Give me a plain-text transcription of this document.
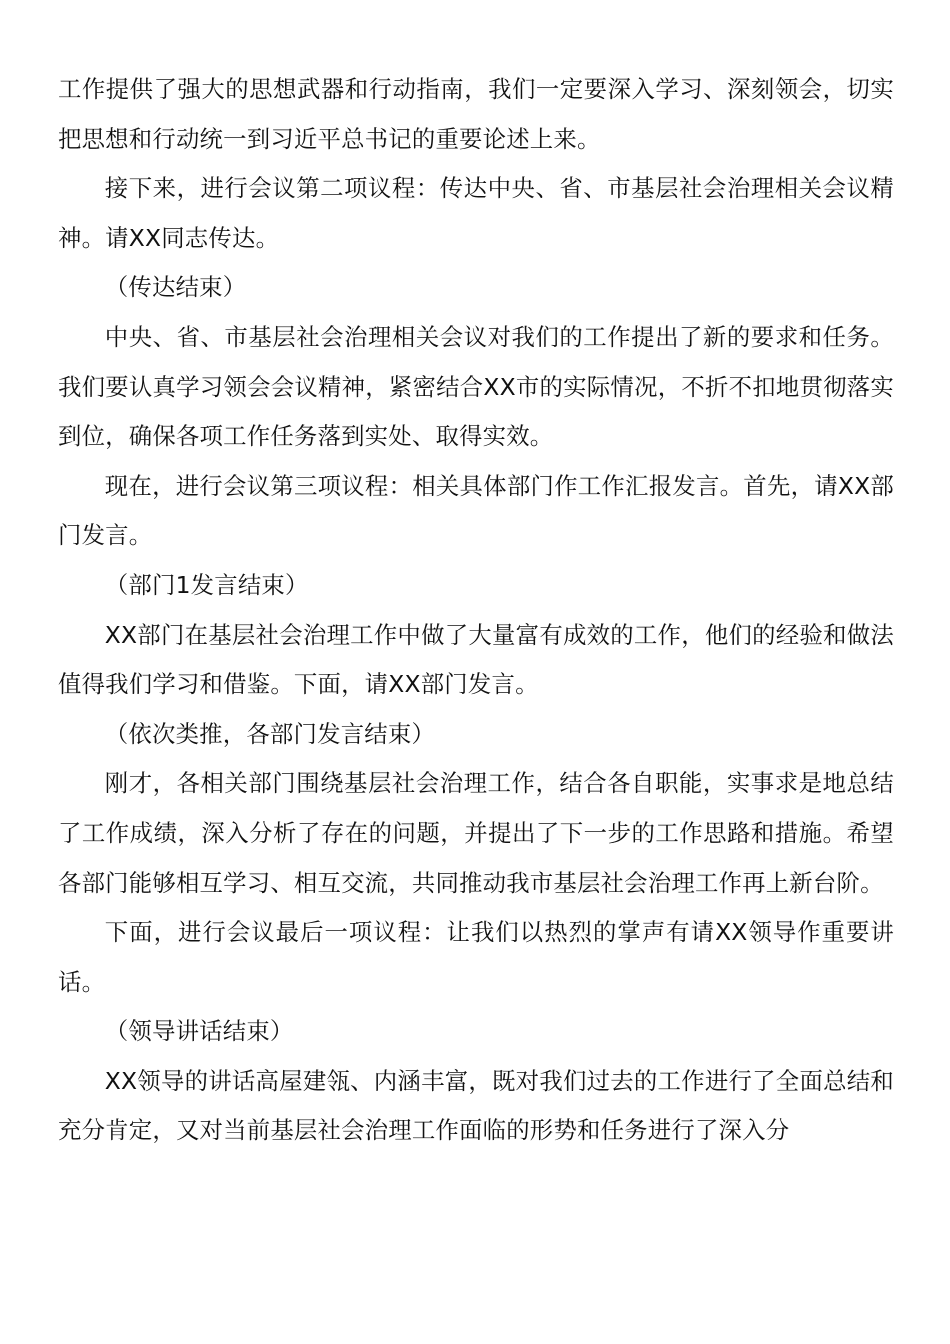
工作提供了强大的思想武器和行动指南，我们一定要深入学习、深刻领会，切实把思想和行动统一到习近平总书记的重要论述上来。

接下来，进行会议第二项议程：传达中央、省、市基层社会治理相关会议精神。请XX同志传达。

（传达结束）

中央、省、市基层社会治理相关会议对我们的工作提出了新的要求和任务。我们要认真学习领会会议精神，紧密结合XX市的实际情况，不折不扣地贯彻落实到位，确保各项工作任务落到实处、取得实效。

现在，进行会议第三项议程：相关具体部门作工作汇报发言。首先，请XX部门发言。

（部门1发言结束）

XX部门在基层社会治理工作中做了大量富有成效的工作，他们的经验和做法值得我们学习和借鉴。下面，请XX部门发言。

（依次类推，各部门发言结束）

刚才，各相关部门围绕基层社会治理工作，结合各自职能，实事求是地总结了工作成绩，深入分析了存在的问题，并提出了下一步的工作思路和措施。希望各部门能够相互学习、相互交流，共同推动我市基层社会治理工作再上新台阶。

下面，进行会议最后一项议程：让我们以热烈的掌声有请XX领导作重要讲话。

（领导讲话结束）

XX领导的讲话高屋建瓴、内涵丰富，既对我们过去的工作进行了全面总结和充分肯定，又对当前基层社会治理工作面临的形势和任务进行了深入分
